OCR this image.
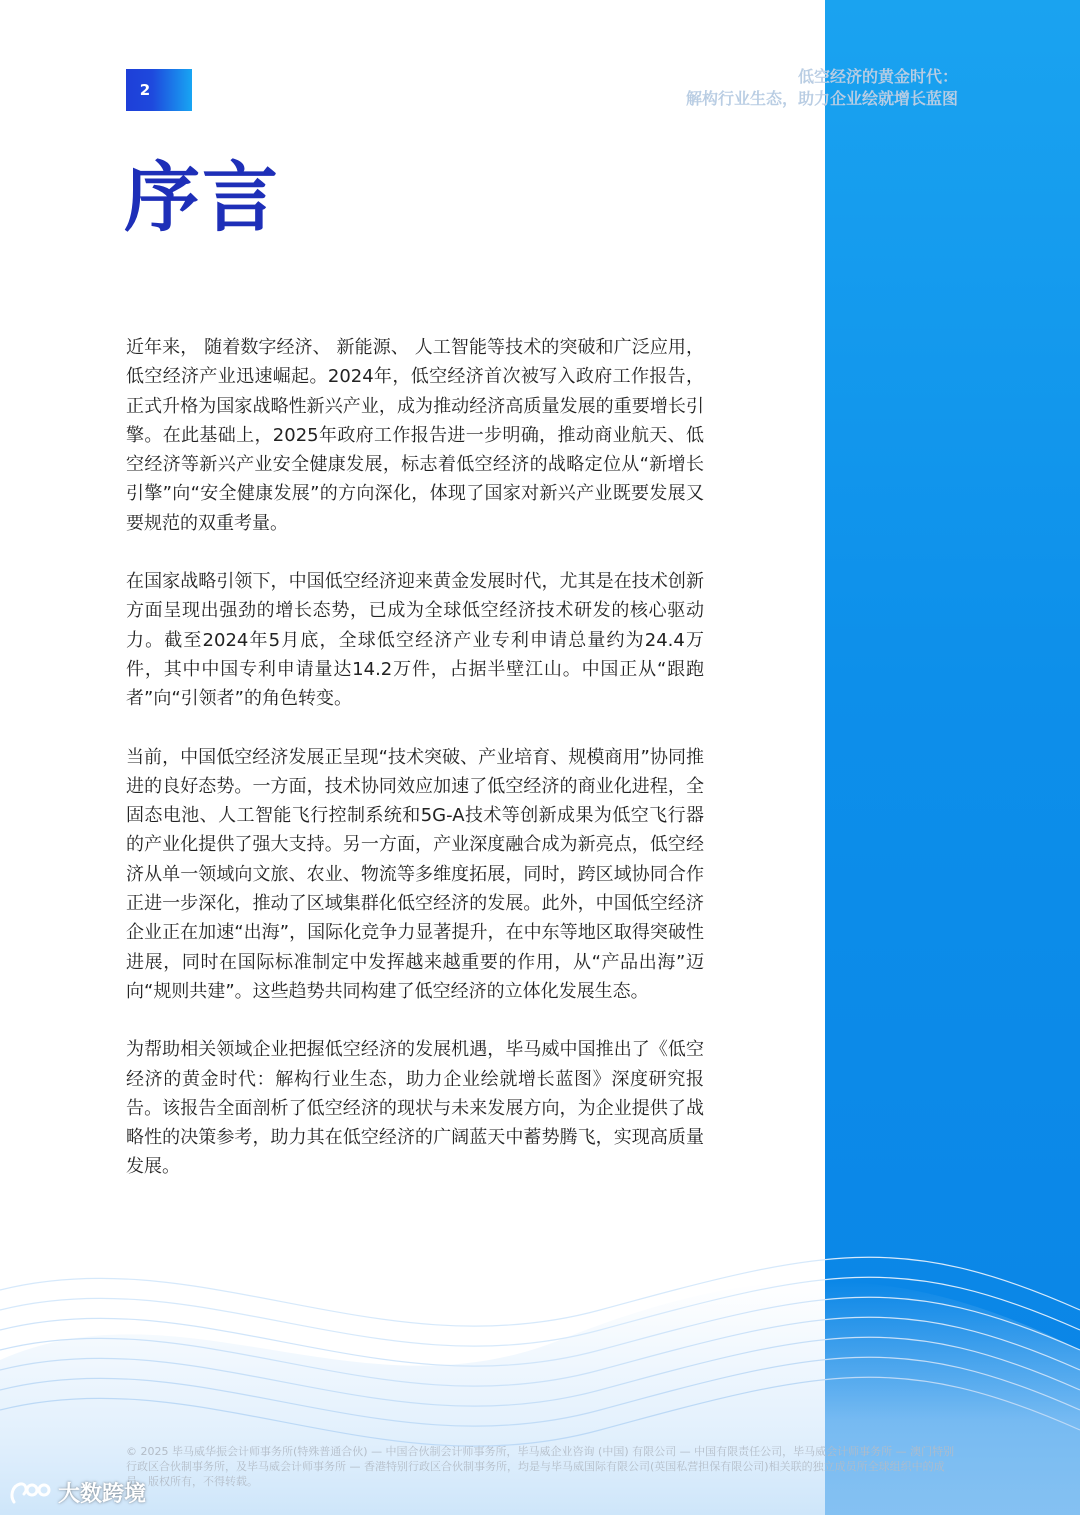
2
低空经济的黄金时代：
解构行业生态，助力企业绘就增长蓝图
序言

近年来， 随着数字经济、 新能源、 人工智能等技术的突破和广泛应用，低空经济产业迅速崛起。2024年，低空经济首次被写入政府工作报告，正式升格为国家战略性新兴产业，成为推动经济高质量发展的重要增长引擎。在此基础上，2025年政府工作报告进一步明确，推动商业航天、低空经济等新兴产业安全健康发展，标志着低空经济的战略定位从“新增长引擎”向“安全健康发展”的方向深化，体现了国家对新兴产业既要发展又要规范的双重考量。

在国家战略引领下，中国低空经济迎来黄金发展时代，尤其是在技术创新方面呈现出强劲的增长态势，已成为全球低空经济技术研发的核心驱动力。截至2024年5月底，全球低空经济产业专利申请总量约为24.4万件，其中中国专利申请量达14.2万件，占据半壁江山。中国正从“跟跑者”向“引领者”的角色转变。

当前，中国低空经济发展正呈现“技术突破、产业培育、规模商用”协同推进的良好态势。一方面，技术协同效应加速了低空经济的商业化进程，全固态电池、人工智能飞行控制系统和5G-A技术等创新成果为低空飞行器的产业化提供了强大支持。另一方面，产业深度融合成为新亮点，低空经济从单一领域向文旅、农业、物流等多维度拓展，同时，跨区域协同合作正进一步深化，推动了区域集群化低空经济的发展。此外，中国低空经济企业正在加速“出海”，国际化竞争力显著提升，在中东等地区取得突破性进展，同时在国际标准制定中发挥越来越重要的作用，从“产品出海”迈向“规则共建”。这些趋势共同构建了低空经济的立体化发展生态。

为帮助相关领域企业把握低空经济的发展机遇，毕马威中国推出了《低空经济的黄金时代：解构行业生态，助力企业绘就增长蓝图》深度研究报告。该报告全面剖析了低空经济的现状与未来发展方向，为企业提供了战略性的决策参考，助力其在低空经济的广阔蓝天中蓄势腾飞，实现高质量发展。

© 2025 毕马威华振会计师事务所(特殊普通合伙) — 中国合伙制会计师事务所，毕马威企业咨询 (中国) 有限公司 — 中国有限责任公司，毕马威会计师事务所 — 澳门特别行政区合伙制事务所，及毕马威会计师事务所 — 香港特别行政区合伙制事务所，均是与毕马威国际有限公司(英国私营担保有限公司)相关联的独立成员所全球组织中的成员。版权所有，不得转载。
大数跨境
